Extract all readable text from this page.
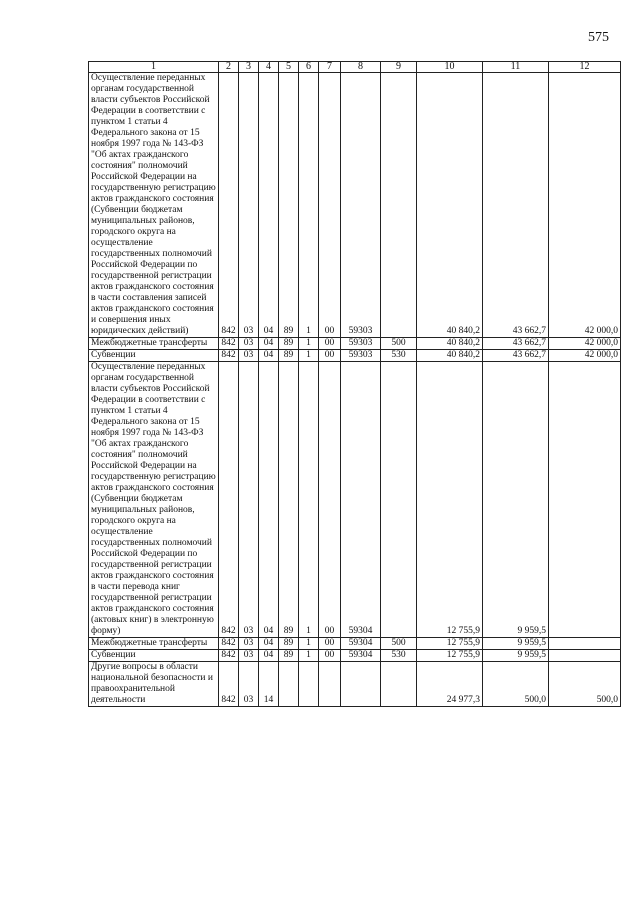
575
1	2	3	4	5	6	7	8	9	10	11	12
Осуществление переданных органам государственной власти субъектов Российской Федерации в соответствии с пунктом 1 статьи 4 Федерального закона от 15 ноября 1997 года № 143-ФЗ "Об актах гражданского состояния" полномочий Российской Федерации на государственную регистрацию актов гражданского состояния (Субвенции бюджетам муниципальных районов, городского округа на осуществление государственных полномочий Российской Федерации по государственной регистрации актов гражданского состояния в части составления записей актов гражданского состояния и совершения иных юридических действий)	842	03	04	89	1	00	59303		40 840,2	43 662,7	42 000,0
Межбюджетные трансферты	842	03	04	89	1	00	59303	500	40 840,2	43 662,7	42 000,0
Субвенции	842	03	04	89	1	00	59303	530	40 840,2	43 662,7	42 000,0
Осуществление переданных органам государственной власти субъектов Российской Федерации в соответствии с пунктом 1 статьи 4 Федерального закона от 15 ноября 1997 года № 143-ФЗ "Об актах гражданского состояния" полномочий Российской Федерации на государственную регистрацию актов гражданского состояния (Субвенции бюджетам муниципальных районов, городского округа на осуществление государственных полномочий Российской Федерации по государственной регистрации актов гражданского состояния в части перевода книг государственной регистрации актов гражданского состояния (актовых книг) в электронную форму)	842	03	04	89	1	00	59304		12 755,9	9 959,5	
Межбюджетные трансферты	842	03	04	89	1	00	59304	500	12 755,9	9 959,5	
Субвенции	842	03	04	89	1	00	59304	530	12 755,9	9 959,5	
Другие вопросы в области национальной безопасности и правоохранительной деятельности	842	03	14						24 977,3	500,0	500,0
